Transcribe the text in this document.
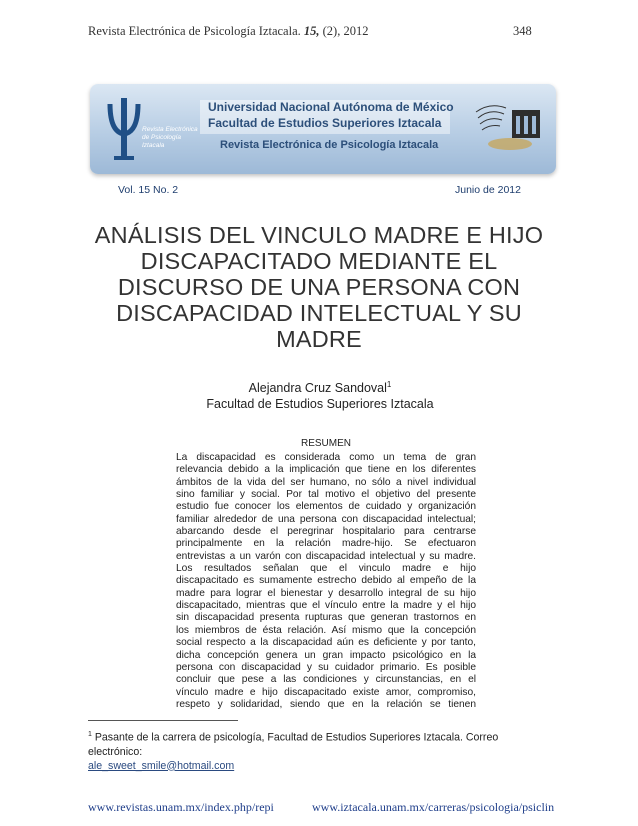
Revista Electrónica de Psicología Iztacala. 15, (2), 2012	348
Revista Electrónica
de Psicología
Iztacala
Universidad Nacional Autónoma de México
Facultad de Estudios Superiores Iztacala
Revista Electrónica de Psicología Iztacala
Vol. 15 No. 2	Junio de 2012
ANÁLISIS DEL VINCULO MADRE E HIJO
DISCAPACITADO MEDIANTE EL
DISCURSO DE UNA PERSONA CON
DISCAPACIDAD INTELECTUAL Y SU
MADRE
Alejandra Cruz Sandoval$^1$
Facultad de Estudios Superiores Iztacala
RESUMEN
La discapacidad es considerada como un tema de gran
relevancia debido a la implicación que tiene en los diferentes
ámbitos de la vida del ser humano, no sólo a nivel individual
sino familiar y social. Por tal motivo el objetivo del presente
estudio fue conocer los elementos de cuidado y organización
familiar alrededor de una persona con discapacidad intelectual;
abarcando desde el peregrinar hospitalario para centrarse
principalmente en la relación madre-hijo. Se efectuaron
entrevistas a un varón con discapacidad intelectual y su madre.
Los resultados señalan que el vinculo madre e hijo
discapacitado es sumamente estrecho debido al empeño de la
madre para lograr el bienestar y desarrollo integral de su hijo
discapacitado, mientras que el vínculo entre la madre y el hijo
sin discapacidad presenta rupturas que generan trastornos en
los miembros de ésta relación. Así mismo que la concepción
social respecto a la discapacidad aún es deficiente y por tanto,
dicha concepción genera un gran impacto psicológico en la
persona con discapacidad y su cuidador primario. Es posible
concluir que pese a las condiciones y circunstancias, en el
vínculo madre e hijo discapacitado existe amor, compromiso,
respeto y solidaridad, siendo que en la relación se tienen
$^1$ Pasante de la carrera de psicología, Facultad de Estudios Superiores Iztacala. Correo electrónico:
ale_sweet_smile@hotmail.com
www.revistas.unam.mx/index.php/repi	www.iztacala.unam.mx/carreras/psicologia/psiclin
